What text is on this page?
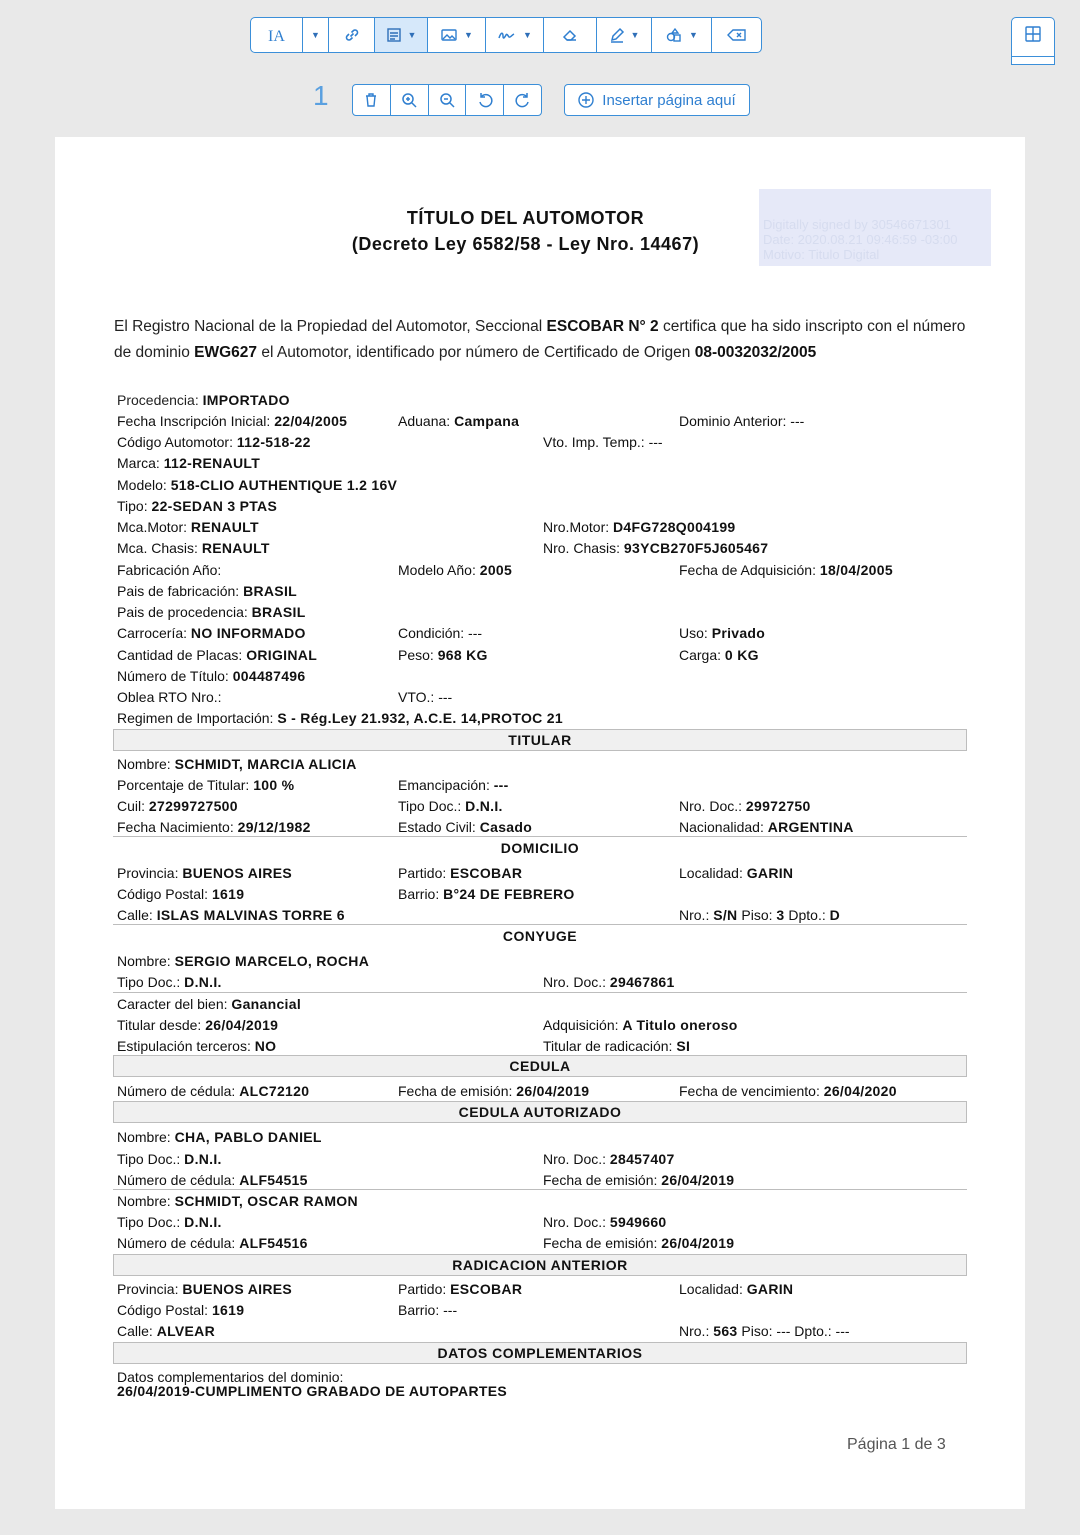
IA	▼	▼	▼	▼	▼	▼
1	Insertar página aquí
TÍTULO DEL AUTOMOTOR
(Decreto Ley 6582/58 - Ley Nro. 14467)
Digitally signed by 30546671301
Date: 2020.08.21 09:46:59 -03:00
Motivo: Titulo Digital
El Registro Nacional de la Propiedad del Automotor, Seccional ESCOBAR N° 2 certifica que ha sido inscripto con el número de dominio EWG627 el Automotor, identificado por número de Certificado de Origen 08-0032032/2005
Procedencia: IMPORTADO
Fecha Inscripción Inicial: 22/04/2005	Aduana: Campana	Dominio Anterior: ---
Código Automotor: 112-518-22	Vto. Imp. Temp.: ---
Marca: 112-RENAULT
Modelo: 518-CLIO AUTHENTIQUE 1.2 16V
Tipo: 22-SEDAN 3 PTAS
Mca.Motor: RENAULT	Nro.Motor: D4FG728Q004199
Mca. Chasis: RENAULT	Nro. Chasis: 93YCB270F5J605467
Fabricación Año:	Modelo Año: 2005	Fecha de Adquisición: 18/04/2005
Pais de fabricación: BRASIL
Pais de procedencia: BRASIL
Carrocería: NO INFORMADO	Condición: ---	Uso: Privado
Cantidad de Placas: ORIGINAL	Peso: 968 KG	Carga: 0 KG
Número de Título: 004487496
Oblea RTO Nro.:	VTO.: ---
Regimen de Importación: S - Rég.Ley 21.932, A.C.E. 14,PROTOC 21
TITULAR
Nombre: SCHMIDT, MARCIA ALICIA
Porcentaje de Titular: 100 %	Emancipación: ---
Cuil: 27299727500	Tipo Doc.: D.N.I.	Nro. Doc.: 29972750
Fecha Nacimiento: 29/12/1982	Estado Civil: Casado	Nacionalidad: ARGENTINA
DOMICILIO
Provincia: BUENOS AIRES	Partido: ESCOBAR	Localidad: GARIN
Código Postal: 1619	Barrio: B°24 DE FEBRERO
Calle: ISLAS MALVINAS TORRE 6	Nro.: S/N Piso: 3 Dpto.: D
CONYUGE
Nombre: SERGIO MARCELO, ROCHA
Tipo Doc.: D.N.I.	Nro. Doc.: 29467861
Caracter del bien: Ganancial
Titular desde: 26/04/2019	Adquisición: A Titulo oneroso
Estipulación terceros: NO	Titular de radicación: SI
CEDULA
Número de cédula: ALC72120	Fecha de emisión: 26/04/2019	Fecha de vencimiento: 26/04/2020
CEDULA AUTORIZADO
Nombre: CHA, PABLO DANIEL
Tipo Doc.: D.N.I.	Nro. Doc.: 28457407
Número de cédula: ALF54515	Fecha de emisión: 26/04/2019
Nombre: SCHMIDT, OSCAR RAMON
Tipo Doc.: D.N.I.	Nro. Doc.: 5949660
Número de cédula: ALF54516	Fecha de emisión: 26/04/2019
RADICACION ANTERIOR
Provincia: BUENOS AIRES	Partido: ESCOBAR	Localidad: GARIN
Código Postal: 1619	Barrio: ---
Calle: ALVEAR	Nro.: 563 Piso: --- Dpto.: ---
DATOS COMPLEMENTARIOS
Datos complementarios del dominio:
26/04/2019-CUMPLIMENTO GRABADO DE AUTOPARTES
Página 1 de 3
